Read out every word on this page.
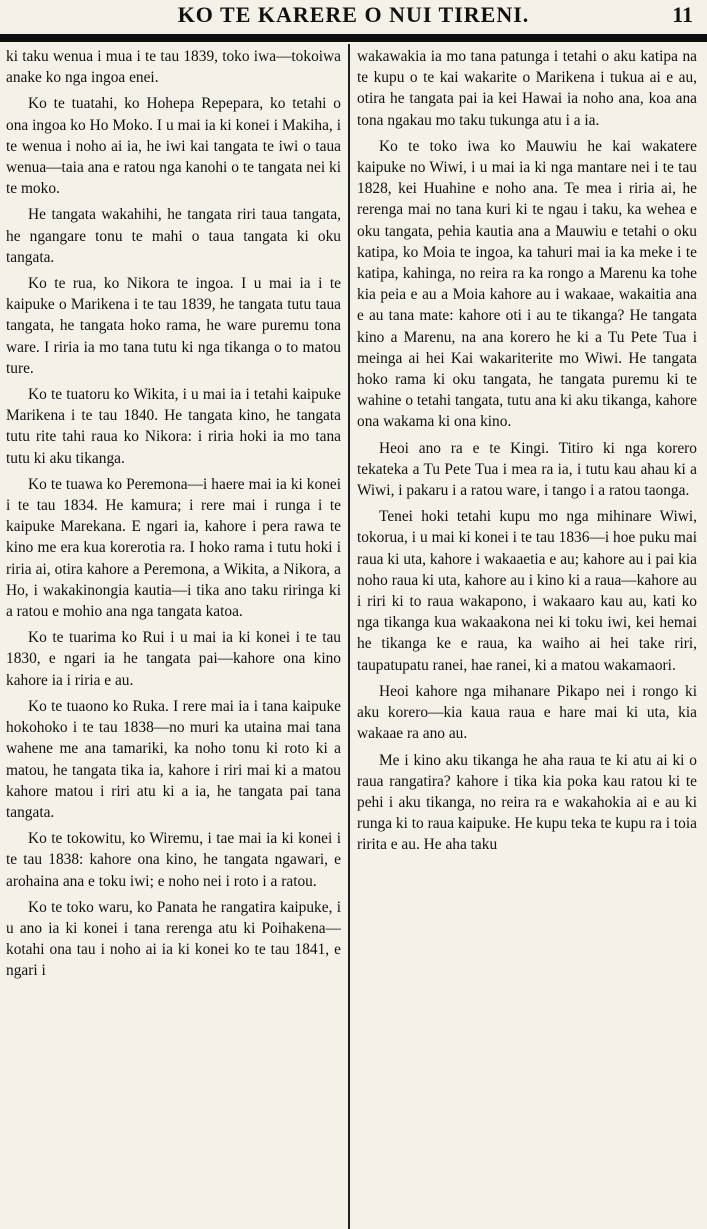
KO TE KARERE O NUI TIRENI.	11

ki taku wenua i mua i te tau 1839, toko iwa—tokoiwa anake ko nga ingoa enei.

Ko te tuatahi, ko Hohepa Repepara, ko tetahi o ona ingoa ko Ho Moko. I u mai ia ki konei i Makiha, i te wenua i noho ai ia, he iwi kai tangata te iwi o taua wenua—taia ana e ratou nga kanohi o te tangata nei ki te moko.

He tangata wakahihi, he tangata riri taua tangata, he ngangare tonu te mahi o taua tangata ki oku tangata.

Ko te rua, ko Nikora te ingoa. I u mai ia i te kaipuke o Marikena i te tau 1839, he tangata tutu taua tangata, he tangata hoko rama, he ware puremu tona ware. I riria ia mo tana tutu ki nga tikanga o to matou ture.

Ko te tuatoru ko Wikita, i u mai ia i tetahi kaipuke Marikena i te tau 1840. He tangata kino, he tangata tutu rite tahi raua ko Nikora: i riria hoki ia mo tana tutu ki aku tikanga.

Ko te tuawa ko Peremona—i haere mai ia ki konei i te tau 1834. He kamura; i rere mai i runga i te kaipuke Marekana. E ngari ia, kahore i pera rawa te kino me era kua korerotia ra. I hoko rama i tutu hoki i riria ai, otira kahore a Peremona, a Wikita, a Nikora, a Ho, i wakakinongia kautia—i tika ano taku riringa ki a ratou e mohio ana nga tangata katoa.

Ko te tuarima ko Rui i u mai ia ki konei i te tau 1830, e ngari ia he tangata pai—kahore ona kino kahore ia i riria e au.

Ko te tuaono ko Ruka. I rere mai ia i tana kaipuke hokohoko i te tau 1838—no muri ka utaina mai tana wahene me ana tamariki, ka noho tonu ki roto ki a matou, he tangata tika ia, kahore i riri mai ki a matou kahore matou i riri atu ki a ia, he tangata pai tana tangata.

Ko te tokowitu, ko Wiremu, i tae mai ia ki konei i te tau 1838: kahore ona kino, he tangata ngawari, e arohaina ana e toku iwi; e noho nei i roto i a ratou.

Ko te toko waru, ko Panata he rangatira kaipuke, i u ano ia ki konei i tana rerenga atu ki Poihakena—kotahi ona tau i noho ai ia ki konei ko te tau 1841, e ngari i

wakawakia ia mo tana patunga i tetahi o aku katipa na te kupu o te kai wakarite o Marikena i tukua ai e au, otira he tangata pai ia kei Hawai ia noho ana, koa ana tona ngakau mo taku tukunga atu i a ia.

Ko te toko iwa ko Mauwiu he kai wakatere kaipuke no Wiwi, i u mai ia ki nga mantare nei i te tau 1828, kei Huahine e noho ana. Te mea i riria ai, he rerenga mai no tana kuri ki te ngau i taku, ka wehea e oku tangata, pehia kautia ana a Mauwiu e tetahi o oku katipa, ko Moia te ingoa, ka tahuri mai ia ka meke i te katipa, kahinga, no reira ra ka rongo a Marenu ka tohe kia peia e au a Moia kahore au i wakaae, wakaitia ana e au tana mate: kahore oti i au te tikanga? He tangata kino a Marenu, na ana korero he ki a Tu Pete Tua i meinga ai hei Kai wakariterite mo Wiwi. He tangata hoko rama ki oku tangata, he tangata puremu ki te wahine o tetahi tangata, tutu ana ki aku tikanga, kahore ona wakama ki ona kino.

Heoi ano ra e te Kingi. Titiro ki nga korero tekateka a Tu Pete Tua i mea ra ia, i tutu kau ahau ki a Wiwi, i pakaru i a ratou ware, i tango i a ratou taonga.

Tenei hoki tetahi kupu mo nga mihinare Wiwi, tokorua, i u mai ki konei i te tau 1836—i hoe puku mai raua ki uta, kahore i wakaaetia e au; kahore au i pai kia noho raua ki uta, kahore au i kino ki a raua—kahore au i riri ki to raua wakapono, i wakaaro kau au, kati ko nga tikanga kua wakaakona nei ki toku iwi, kei hemai he tikanga ke e raua, ka waiho ai hei take riri, taupatupatu ranei, hae ranei, ki a matou wakamaori.

Heoi kahore nga mihanare Pikapo nei i rongo ki aku korero—kia kaua raua e hare mai ki uta, kia wakaae ra ano au.

Me i kino aku tikanga he aha raua te ki atu ai ki o raua rangatira? kahore i tika kia poka kau ratou ki te pehi i aku tikanga, no reira ra e wakahokia ai e au ki runga ki to raua kaipuke. He kupu teka te kupu ra i toia ririta e au. He aha taku
